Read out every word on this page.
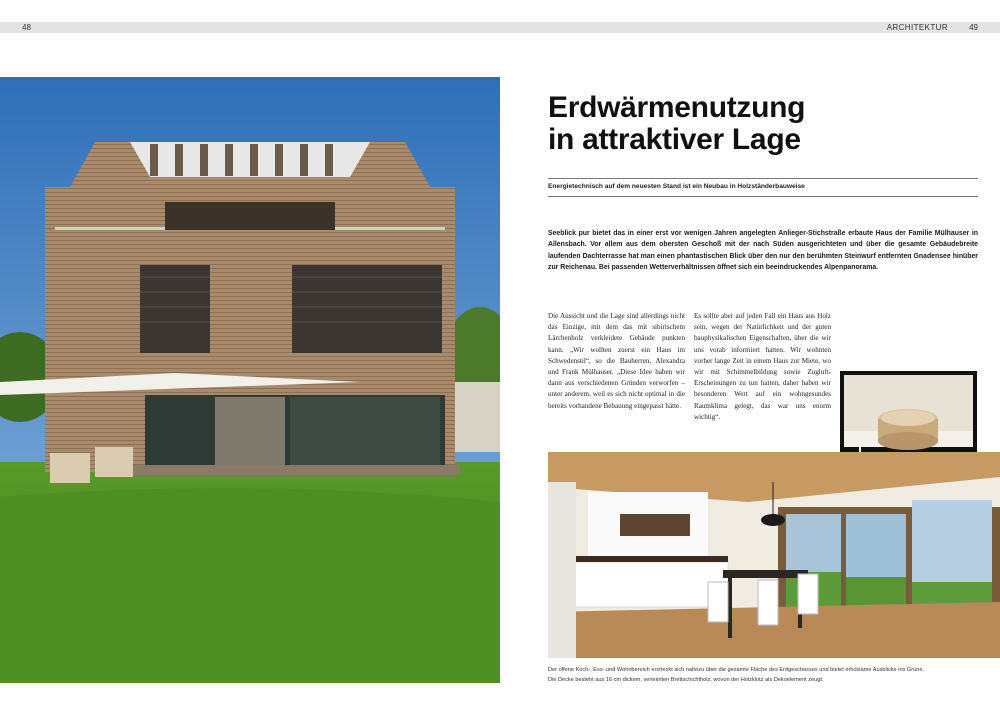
48	ARCHITEKTUR	49
Erdwärmenutzung
in attraktiver Lage

Energietechnisch auf dem neuesten Stand ist ein Neubau in Holzständerbauweise

Seeblick pur bietet das in einer erst vor wenigen Jahren angelegten Anlieger-Stichstraße erbaute Haus der Familie Mülhauser in Allensbach. Vor allem aus dem obersten Geschoß mit der nach Süden ausgerichteten und über die gesamte Gebäudebreite laufenden Dachterrasse hat man einen phantastischen Blick über den nur den berühmten Steinwurf entfernten Gnadensee hinüber zur Reichenau. Bei passenden Wetterverhältnissen öffnet sich ein beeindruckendes Alpenpanorama.

Die Aussicht und die Lage sind allerdings nicht das Einzige, mit dem das mit sibirischem Lärchenholz verkleidete Gebäude punkten kann. „Wir wollten zuerst ein Haus im Schwedenstil“, so die Bauherren, Alexandra und Frank Mülhauser. „Diese Idee haben wir dann aus verschiedenen Gründen verworfen – unter anderem, weil es sich nicht optimal in die bereits vorhandene Bebauung eingepasst hätte.

Es sollte aber auf jeden Fall ein Haus aus Holz sein, wegen der Natürlichkeit und der guten bauphysikalischen Eigenschaften, über die wir uns vorab informiert hatten. Wir wohnten vorher lange Zeit in einem Haus zur Miete, wo wir mit Schimmelbildung sowie Zugluft-Erscheinungen zu tun hatten, daher haben wir besonderen Wert auf ein wohngesundes Raumklima gelegt, das war uns enorm wichtig“.

Der offene Koch-, Ess- und Wohnbereich erstreckt sich nahezu über die gesamte Fläche des Erdgeschosses und bietet erholsame Ausblicke ins Grüne.
Die Decke besteht aus 16 cm dickem, verleimten Brettschichtholz, wovon der Holzklotz als Dekoelement zeugt.
